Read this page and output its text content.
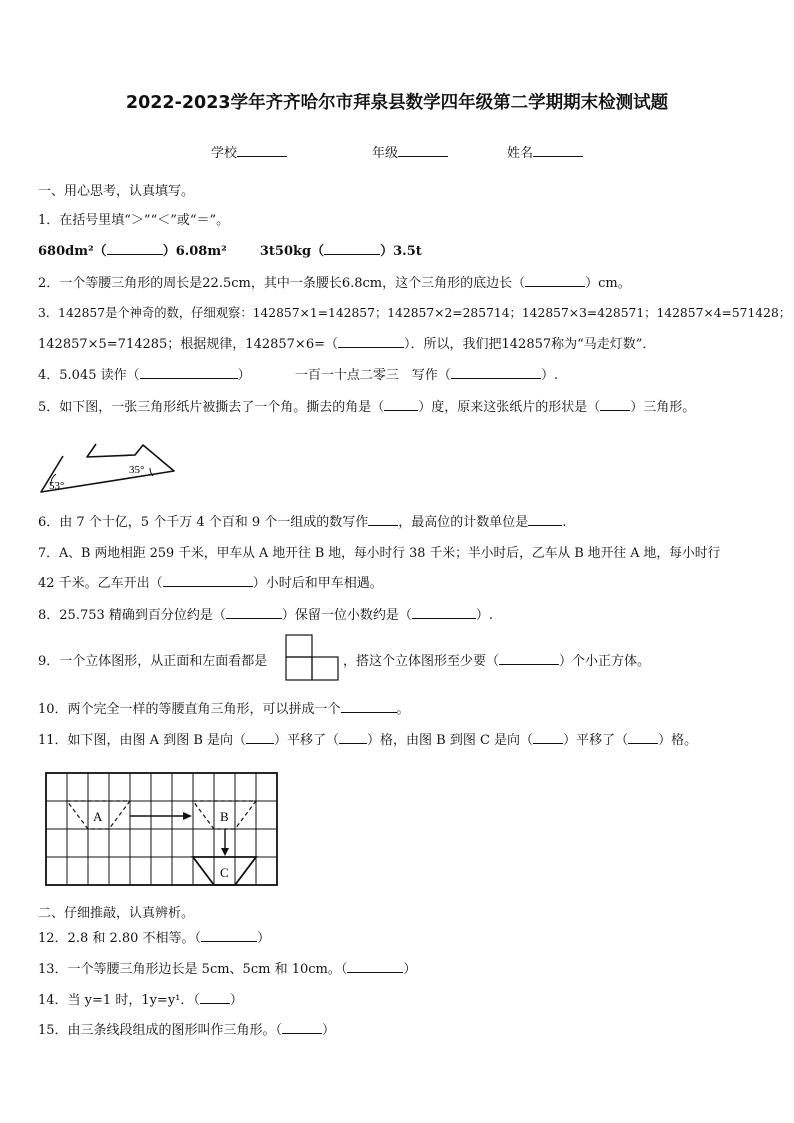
2022-2023学年齐齐哈尔市拜泉县数学四年级第二学期期末检测试题
学校	年级	姓名
一、用心思考，认真填写。
1．在括号里填“＞”“＜”或“＝”。
680dm²（	）6.08m²	3t50kg（	）3.5t
2．一个等腰三角形的周长是22.5cm，其中一条腰长6.8cm，这个三角形的底边长（	）cm。
3．142857是个神奇的数，仔细观察：142857×1=142857；142857×2=285714；142857×3=428571；142857×4=571428；
142857×5=714285；根据规律，142857×6=（	）．所以，我们把142857称为“马走灯数”．
4．5.045 读作（	）	一百一十点二零三　写作（	）.
5．如下图，一张三角形纸片被撕去了一个角。撕去的角是（	）度，原来这张纸片的形状是（ ）三角形。
53°
35°
6．由 7 个十亿，5 个千万 4 个百和 9 个一组成的数写作 ，最高位的计数单位是	.
7．A、B 两地相距 259 千米，甲车从 A 地开往 B 地，每小时行 38 千米；半小时后，乙车从 B 地开往 A 地，每小时行
42 千米。乙车开出（	）小时后和甲车相遇。
8．25.753 精确到百分位约是（	）保留一位小数约是（	）.
9．一个立体图形，从正面和左面看都是	，搭这个立体图形至少要（	）个小正方体。
10．两个完全一样的等腰直角三角形，可以拼成一个	。
11．如下图，由图 A 到图 B 是向（ ）平移了（ ）格，由图 B 到图 C 是向（ ）平移了（ ）格。
A	B
C
二、仔细推敲，认真辨析。
12．2.8 和 2.80 不相等。（	）
13．一个等腰三角形边长是 5cm、5cm 和 10cm。（	）
14．当 y=1 时，1y=y¹．（ ）
15．由三条线段组成的图形叫作三角形。（	）
